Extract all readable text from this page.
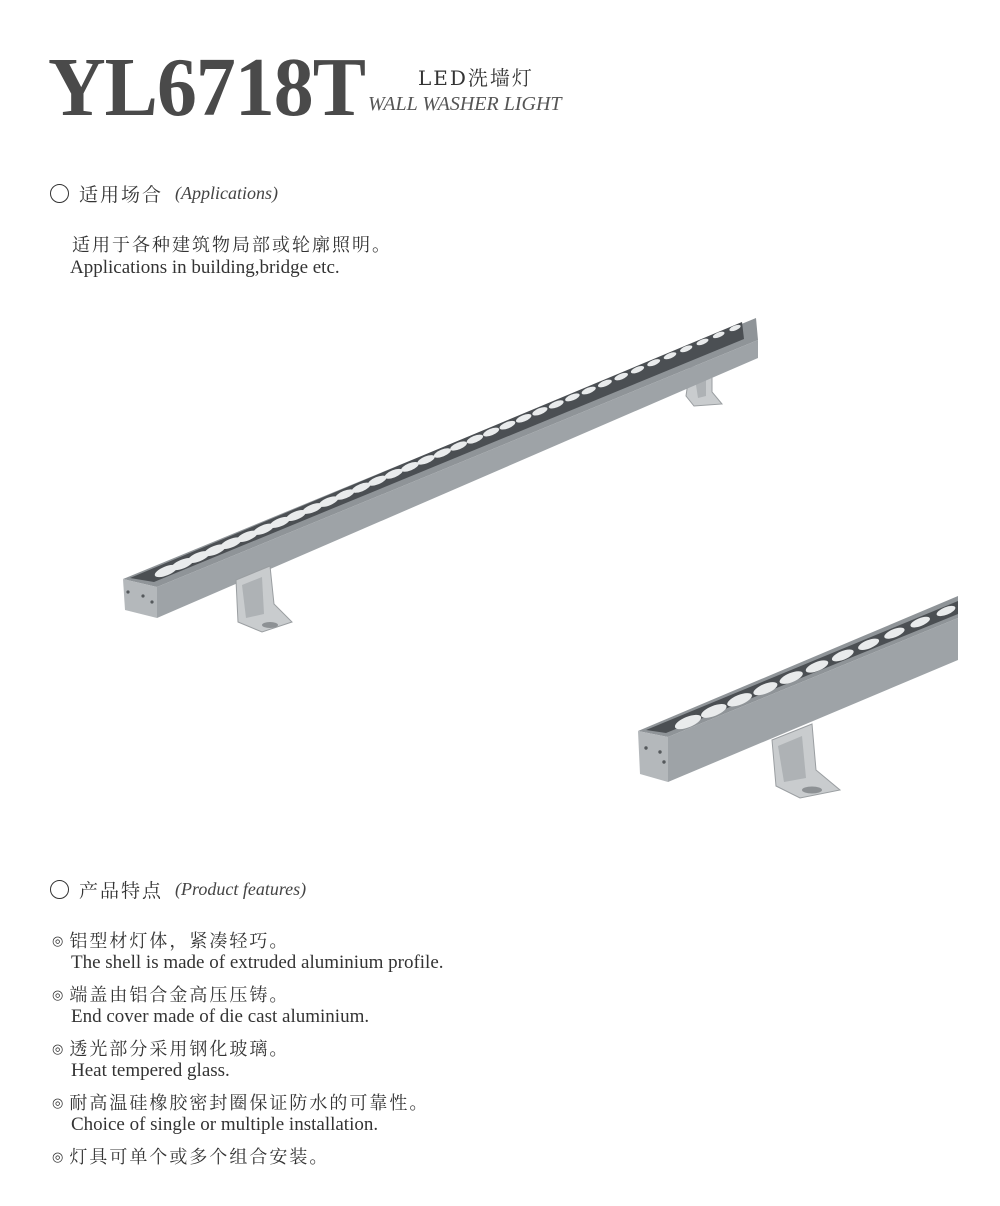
YL6718T	LED洗墙灯
WALL WASHER LIGHT
适用场合 (Applications)
适用于各种建筑物局部或轮廓照明。
Applications in building,bridge etc.
产品特点 (Product features)
◎ 铝型材灯体，紧凑轻巧。
The shell is made of extruded aluminium profile.
◎ 端盖由铝合金高压压铸。
End cover made of die cast aluminium.
◎ 透光部分采用钢化玻璃。
Heat tempered glass.
◎ 耐高温硅橡胶密封圈保证防水的可靠性。
Choice of single or multiple installation.
◎ 灯具可单个或多个组合安装。
